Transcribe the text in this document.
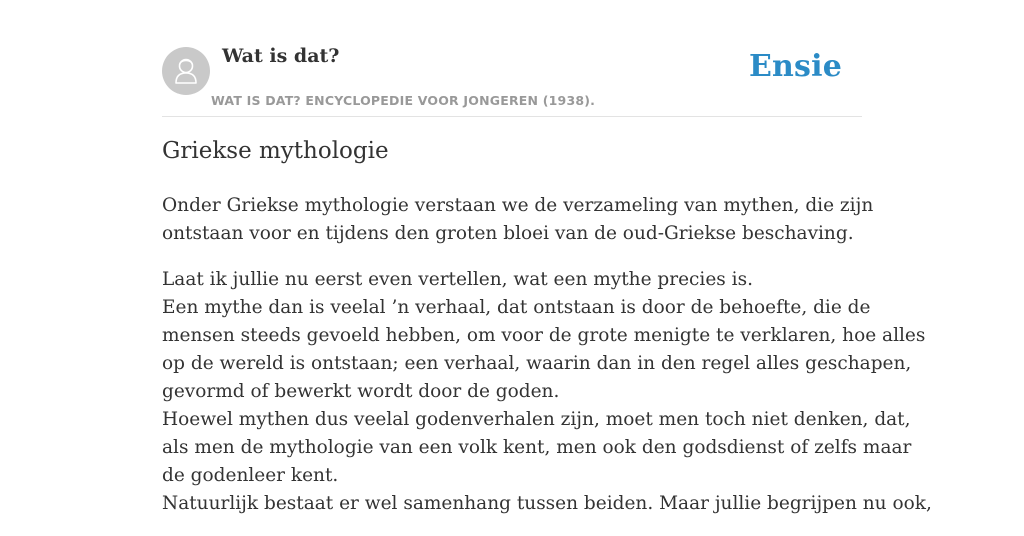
Wat is dat?
WAT IS DAT? ENCYCLOPEDIE VOOR JONGEREN (1938).
Ensie
Griekse mythologie

Onder Griekse mythologie verstaan we de verzameling van mythen, die zijn
ontstaan voor en tijdens den groten bloei van de oud-Griekse beschaving.

Laat ik jullie nu eerst even vertellen, wat een mythe precies is.
Een mythe dan is veelal ’n verhaal, dat ontstaan is door de behoefte, die de
mensen steeds gevoeld hebben, om voor de grote menigte te verklaren, hoe alles
op de wereld is ontstaan; een verhaal, waarin dan in den regel alles geschapen,
gevormd of bewerkt wordt door de goden.
Hoewel mythen dus veelal godenverhalen zijn, moet men toch niet denken, dat,
als men de mythologie van een volk kent, men ook den godsdienst of zelfs maar
de godenleer kent.
Natuurlijk bestaat er wel samenhang tussen beiden. Maar jullie begrijpen nu ook,
